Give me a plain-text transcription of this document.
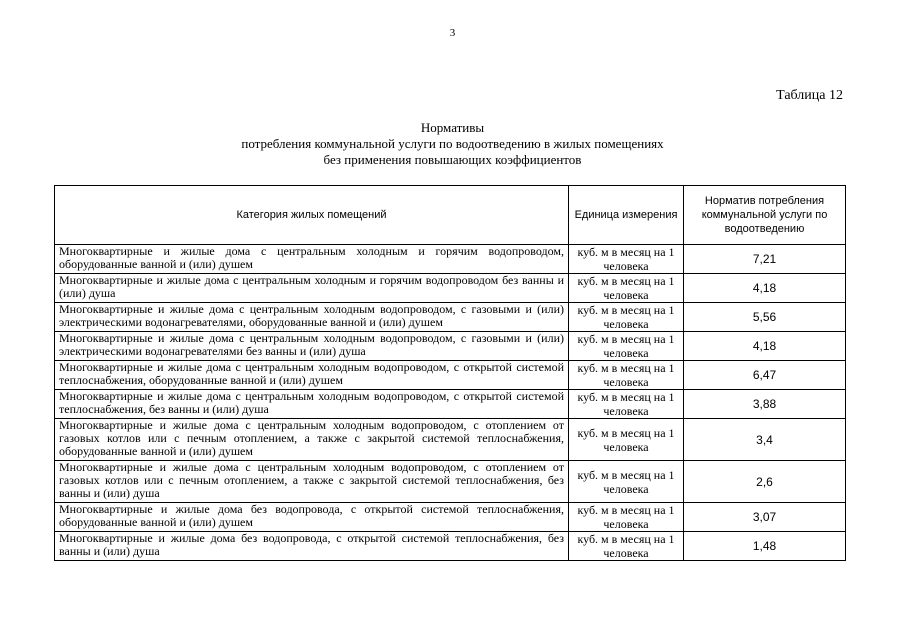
3
Таблица 12
Нормативы
потребления коммунальной услуги по водоотведению в жилых помещениях
без применения повышающих коэффициентов
Категория жилых помещений	Единица измерения	Норматив потребления коммунальной услуги по водоотведению
Многоквартирные и жилые дома с центральным холодным и горячим водопроводом, оборудованные ванной и (или) душем	куб. м в месяц на 1 человека	7,21
Многоквартирные и жилые дома с центральным холодным и горячим водопроводом без ванны и (или) душа	куб. м в месяц на 1 человека	4,18
Многоквартирные и жилые дома с центральным холодным водопроводом, с газовыми и (или) электрическими водонагревателями, оборудованные ванной и (или) душем	куб. м в месяц на 1 человека	5,56
Многоквартирные и жилые дома с центральным холодным водопроводом, с газовыми и (или) электрическими водонагревателями без ванны и (или) душа	куб. м в месяц на 1 человека	4,18
Многоквартирные и жилые дома с центральным холодным водопроводом, с открытой системой теплоснабжения, оборудованные ванной и (или) душем	куб. м в месяц на 1 человека	6,47
Многоквартирные и жилые дома с центральным холодным водопроводом, с открытой системой теплоснабжения, без ванны и (или) душа	куб. м в месяц на 1 человека	3,88
Многоквартирные и жилые дома с центральным холодным водопроводом, с отоплением от газовых котлов или с печным отоплением, а также с закрытой системой теплоснабжения, оборудованные ванной и (или) душем	куб. м в месяц на 1 человека	3,4
Многоквартирные и жилые дома с центральным холодным водопроводом, с отоплением от газовых котлов или с печным отоплением, а также с закрытой системой теплоснабжения, без ванны и (или) душа	куб. м в месяц на 1 человека	2,6
Многоквартирные и жилые дома без водопровода, с открытой системой теплоснабжения, оборудованные ванной и (или) душем	куб. м в месяц на 1 человека	3,07
Многоквартирные и жилые дома без водопровода, с открытой системой теплоснабжения, без ванны и (или) душа	куб. м в месяц на 1 человека	1,48
